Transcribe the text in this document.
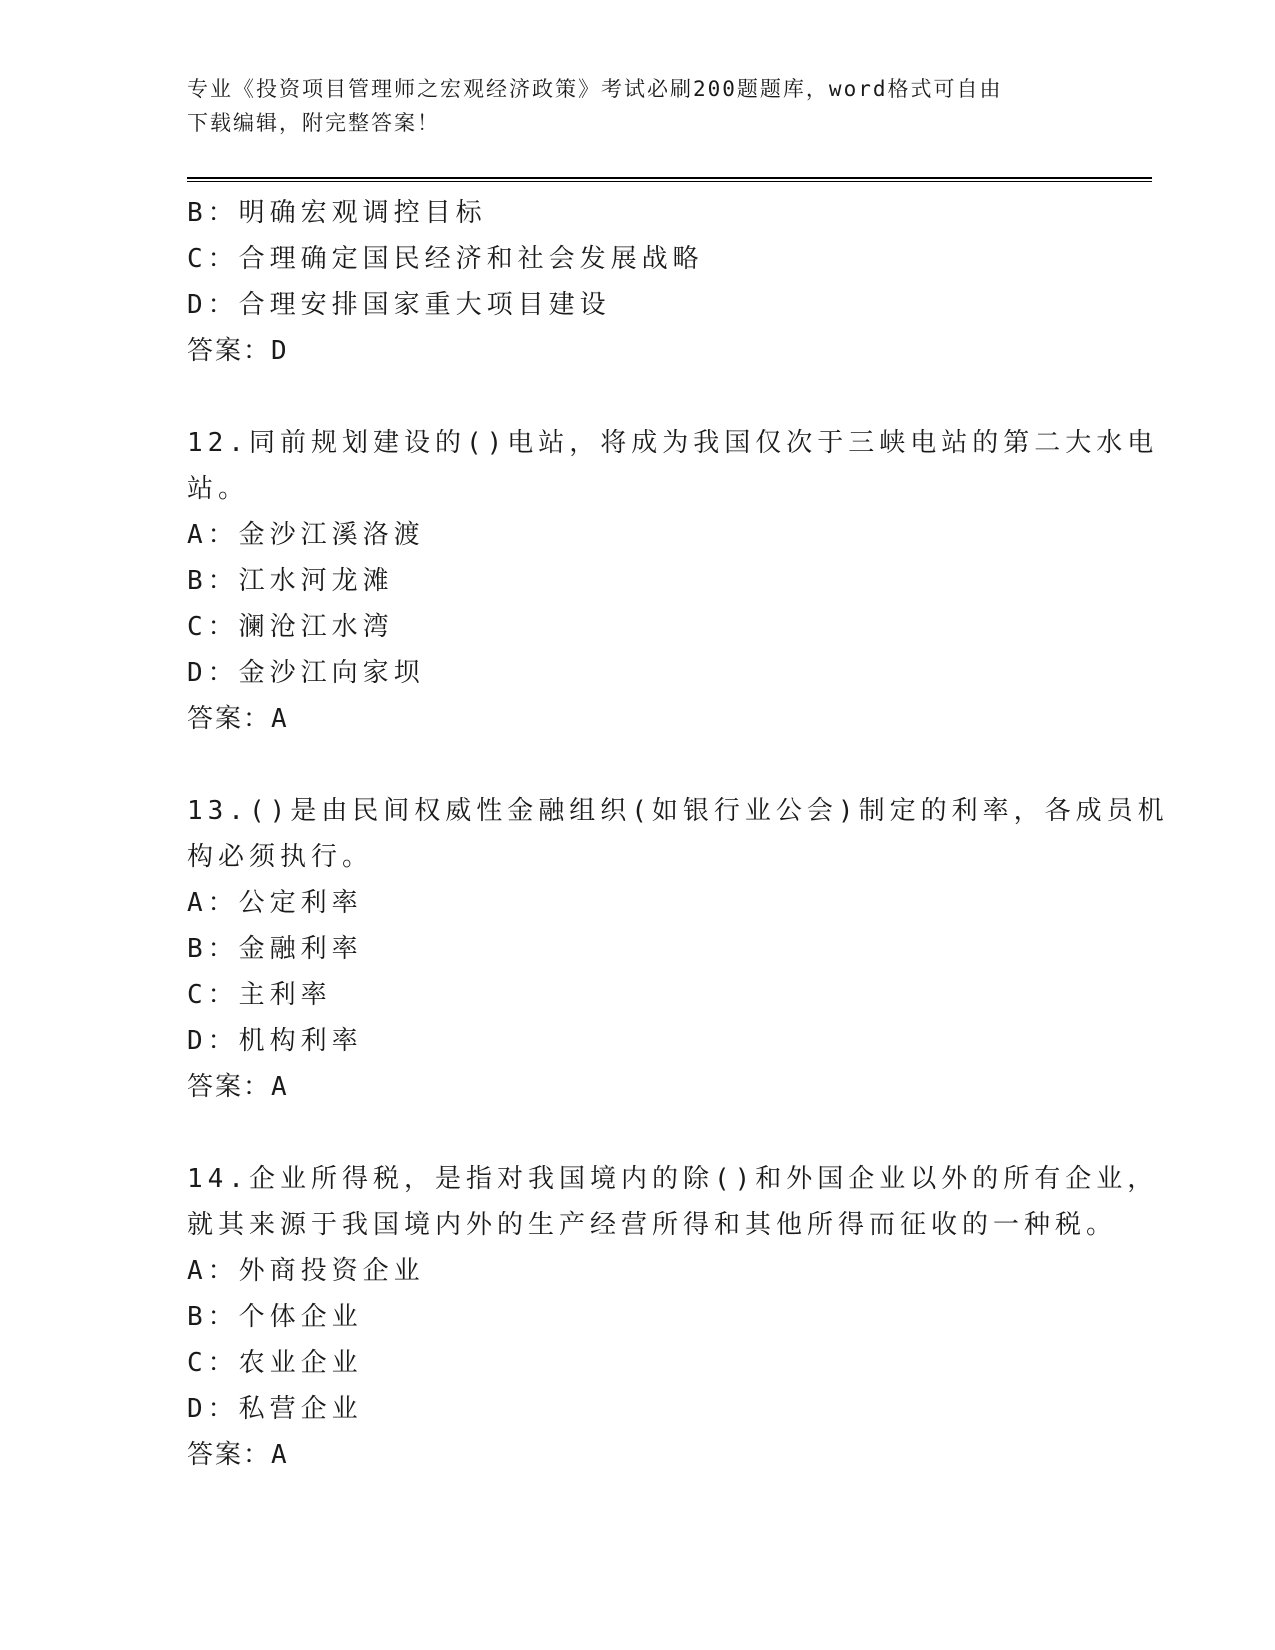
专业《投资项目管理师之宏观经济政策》考试必刷200题题库，word格式可自由
下载编辑，附完整答案！
B：明确宏观调控目标
C：合理确定国民经济和社会发展战略
D：合理安排国家重大项目建设
答案：D
12.同前规划建设的()电站，将成为我国仅次于三峡电站的第二大水电
站。
A：金沙江溪洛渡
B：江水河龙滩
C：澜沧江水湾
D：金沙江向家坝
答案：A
13.()是由民间权威性金融组织(如银行业公会)制定的利率，各成员机
构必须执行。
A：公定利率
B：金融利率
C：主利率
D：机构利率
答案：A
14.企业所得税，是指对我国境内的除()和外国企业以外的所有企业，
就其来源于我国境内外的生产经营所得和其他所得而征收的一种税。
A：外商投资企业
B：个体企业
C：农业企业
D：私营企业
答案：A
